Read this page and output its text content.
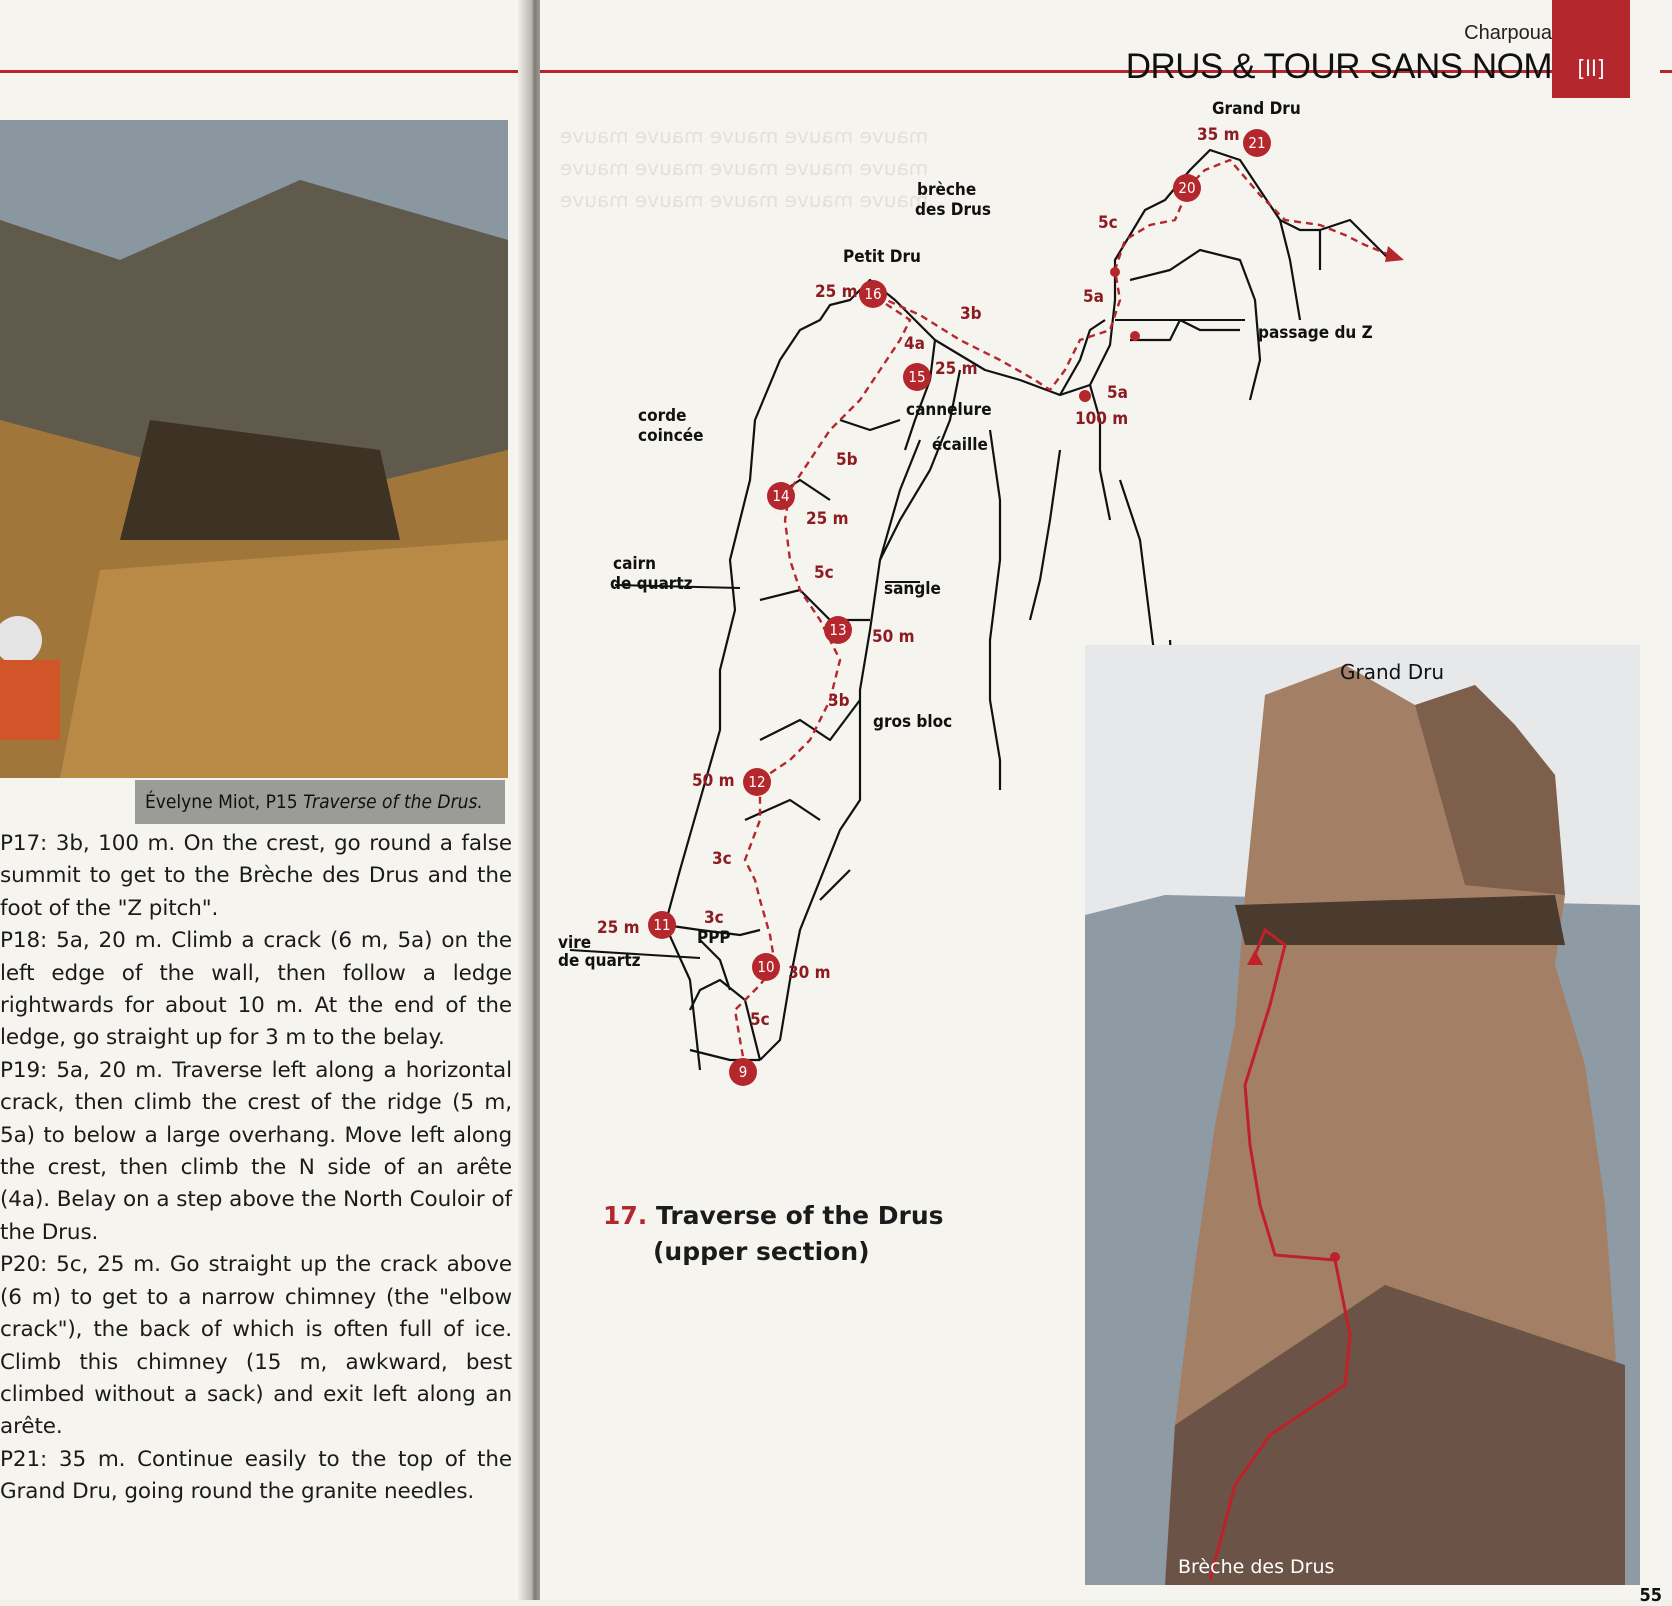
Évelyne Miot, P15 Traverse of the Drus.

P17: 3b, 100 m. On the crest, go round a false summit to get to the Brèche des Drus and the foot of the "Z pitch".

P18: 5a, 20 m. Climb a crack (6 m, 5a) on the left edge of the wall, then follow a ledge rightwards for about 10 m. At the end of the ledge, go straight up for 3 m to the belay.

P19: 5a, 20 m. Traverse left along a horizontal crack, then climb the crest of the ridge (5 m, 5a) to below a large overhang. Move left along the crest, then climb the N side of an arête (4a). Belay on a step above the North Couloir of the Drus.

P20: 5c, 25 m. Go straight up the crack above (6 m) to get to a narrow chimney (the "elbow crack"), the back of which is often full of ice. Climb this chimney (15 m, awkward, best climbed without a sack) and exit left along an arête.

P21: 35 m. Continue easily to the top of the Grand Dru, going round the granite needles.

mauve mauve mauve mauve mauve
mauve mauve mauve mauve mauve
mauve mauve mauve mauve mauve
Charpoua
DRUS & TOUR SANS NOM	[II]
21
20
16
15
14
13
12
11
10
9
Grand Dru
brèche
des Drus
Petit Dru
passage du Z
corde
coincée
cannelure
écaille
cairn
de quartz	sangle
gros bloc
vire
de quartz
PPP
35 m
5c
5a
5a
100 m
25 m
3b
4a
25 m
5b
25 m
5c
50 m
3b
50 m
3c
3c
25 m
30 m
5c
17. Traverse of the Drus
(upper section)
Grand Dru
Brèche des Drus
55
